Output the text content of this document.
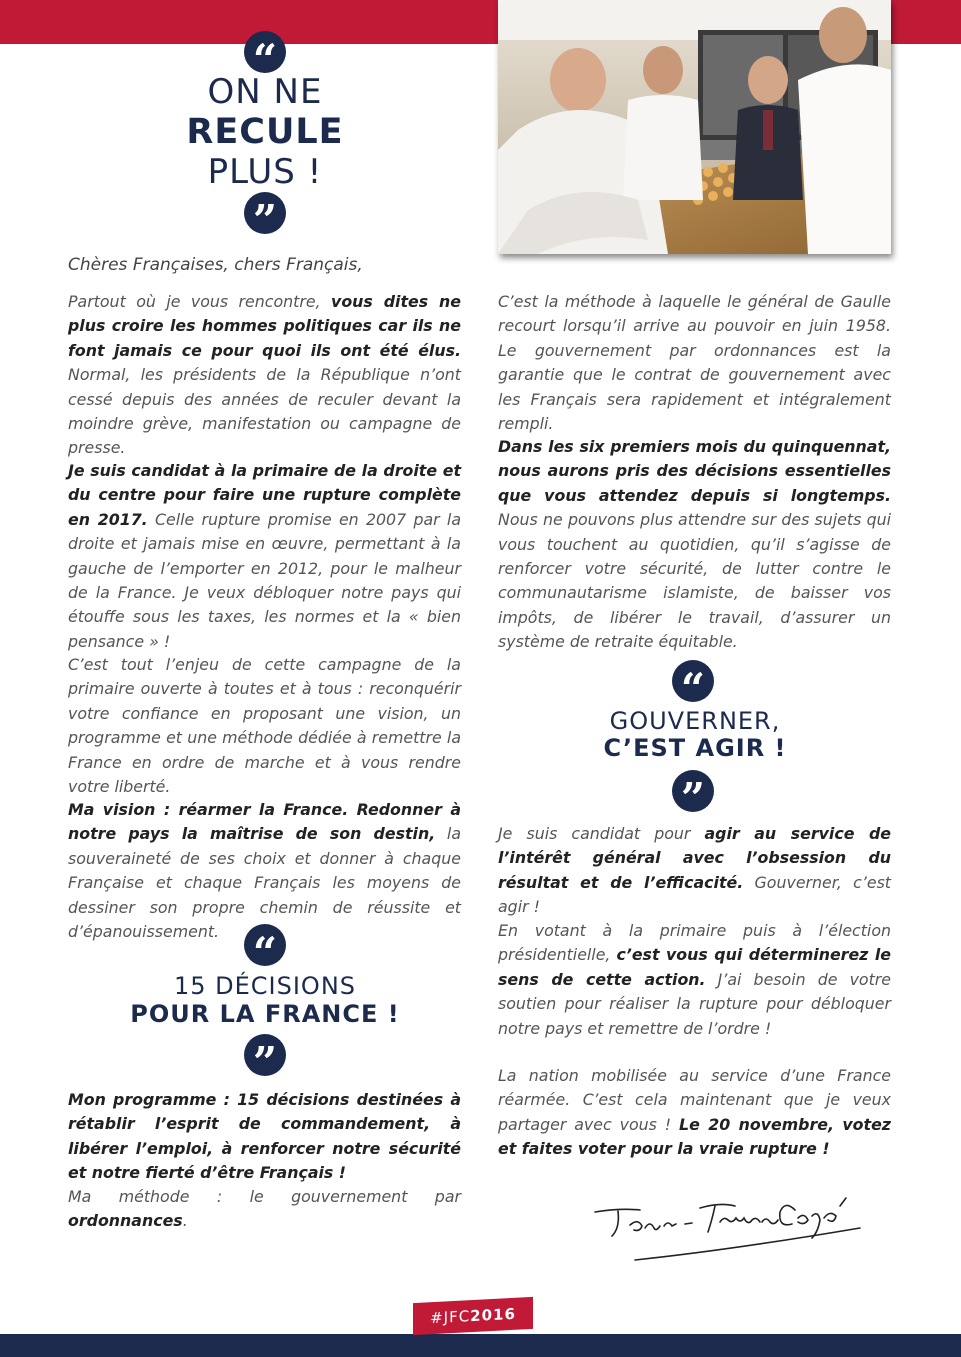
“
ON NE
RECULE
PLUS !
”
Chères Françaises, chers Français,

Partout où je vous rencontre, vous dites ne plus croire les hommes politiques car ils ne font jamais ce pour quoi ils ont été élus. Normal, les présidents de la République n’ont cessé depuis des années de reculer devant la moindre grève, manifestation ou campagne de presse.

Je suis candidat à la primaire de la droite et du centre pour faire une rupture complète en 2017. Celle rupture promise en 2007 par la droite et jamais mise en œuvre, permettant à la gauche de l’emporter en 2012, pour le malheur de la France. Je veux débloquer notre pays qui étouffe sous les taxes, les normes et la « bien pensance » !

C’est tout l’enjeu de cette campagne de la primaire ouverte à toutes et à tous : reconquérir votre confiance en proposant une vision, un programme et une méthode dédiée à remettre la France en ordre de marche et à vous rendre votre liberté.

Ma vision : réarmer la France. Redonner à notre pays la maîtrise de son destin, la souveraineté de ses choix et donner à chaque Française et chaque Français les moyens de dessiner son propre chemin de réussite et d’épanouissement. “
15 DÉCISIONS
POUR LA FRANCE !
”

Mon programme : 15 décisions destinées à rétablir l’esprit de commandement, à libérer l’emploi, à renforcer notre sécurité et notre fierté d’être Français !

Ma méthode : le gouvernement par ordonnances.

C’est la méthode à laquelle le général de Gaulle recourt lorsqu’il arrive au pouvoir en juin 1958. Le gouvernement par ordonnances est la garantie que le contrat de gouvernement avec les Français sera rapidement et intégralement rempli.

Dans les six premiers mois du quinquennat, nous aurons pris des décisions essentielles que vous attendez depuis si longtemps. Nous ne pouvons plus attendre sur des sujets qui vous touchent au quotidien, qu’il s’agisse de renforcer votre sécurité, de lutter contre le communautarisme islamiste, de baisser vos impôts, de libérer le travail, d’assurer un système de retraite équitable.

“
GOUVERNER,
C’EST AGIR !
”

Je suis candidat pour agir au service de l’intérêt général avec l’obsession du résultat et de l’efficacité. Gouverner, c’est agir !

En votant à la primaire puis à l’élection présidentielle, c’est vous qui déterminerez le sens de cette action. J’ai besoin de votre soutien pour réaliser la rupture pour débloquer notre pays et remettre de l’ordre !

La nation mobilisée au service d’une France réarmée. C’est cela maintenant que je veux partager avec vous ! Le 20 novembre, votez et faites voter pour la vraie rupture !

#JFC 2016
